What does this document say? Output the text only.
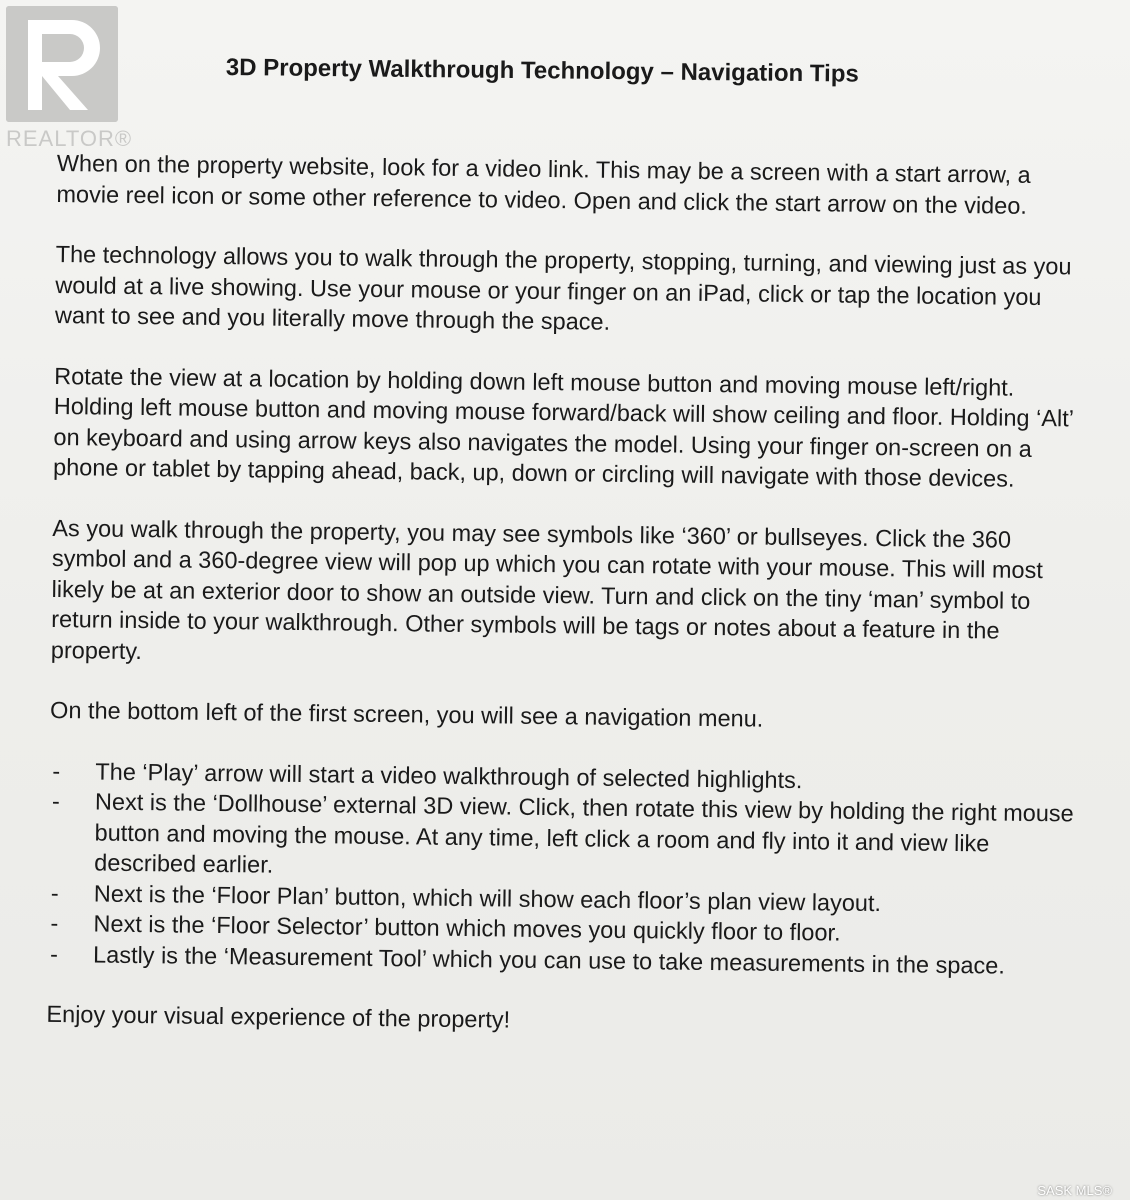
REALTOR®
3D Property Walkthrough Technology – Navigation Tips

When on the property website, look for a video link. This may be a screen with a start arrow, a movie reel icon or some other reference to video. Open and click the start arrow on the video.

The technology allows you to walk through the property, stopping, turning, and viewing just as you would at a live showing. Use your mouse or your finger on an iPad, click or tap the location you want to see and you literally move through the space.

Rotate the view at a location by holding down left mouse button and moving mouse left/right. Holding left mouse button and moving mouse forward/back will show ceiling and floor. Holding ‘Alt’ on keyboard and using arrow keys also navigates the model. Using your finger on-screen on a phone or tablet by tapping ahead, back, up, down or circling will navigate with those devices.

As you walk through the property, you may see symbols like ‘360’ or bullseyes. Click the 360 symbol and a 360-degree view will pop up which you can rotate with your mouse. This will most likely be at an exterior door to show an outside view. Turn and click on the tiny ‘man’ symbol to return inside to your walkthrough. Other symbols will be tags or notes about a feature in the property.

On the bottom left of the first screen, you will see a navigation menu.

- The ‘Play’ arrow will start a video walkthrough of selected highlights.
- Next is the ‘Dollhouse’ external 3D view. Click, then rotate this view by holding the right mouse button and moving the mouse. At any time, left click a room and fly into it and view like described earlier.
- Next is the ‘Floor Plan’ button, which will show each floor’s plan view layout.
- Next is the ‘Floor Selector’ button which moves you quickly floor to floor.
- Lastly is the ‘Measurement Tool’ which you can use to take measurements in the space.

Enjoy your visual experience of the property!

SASK MLS®
